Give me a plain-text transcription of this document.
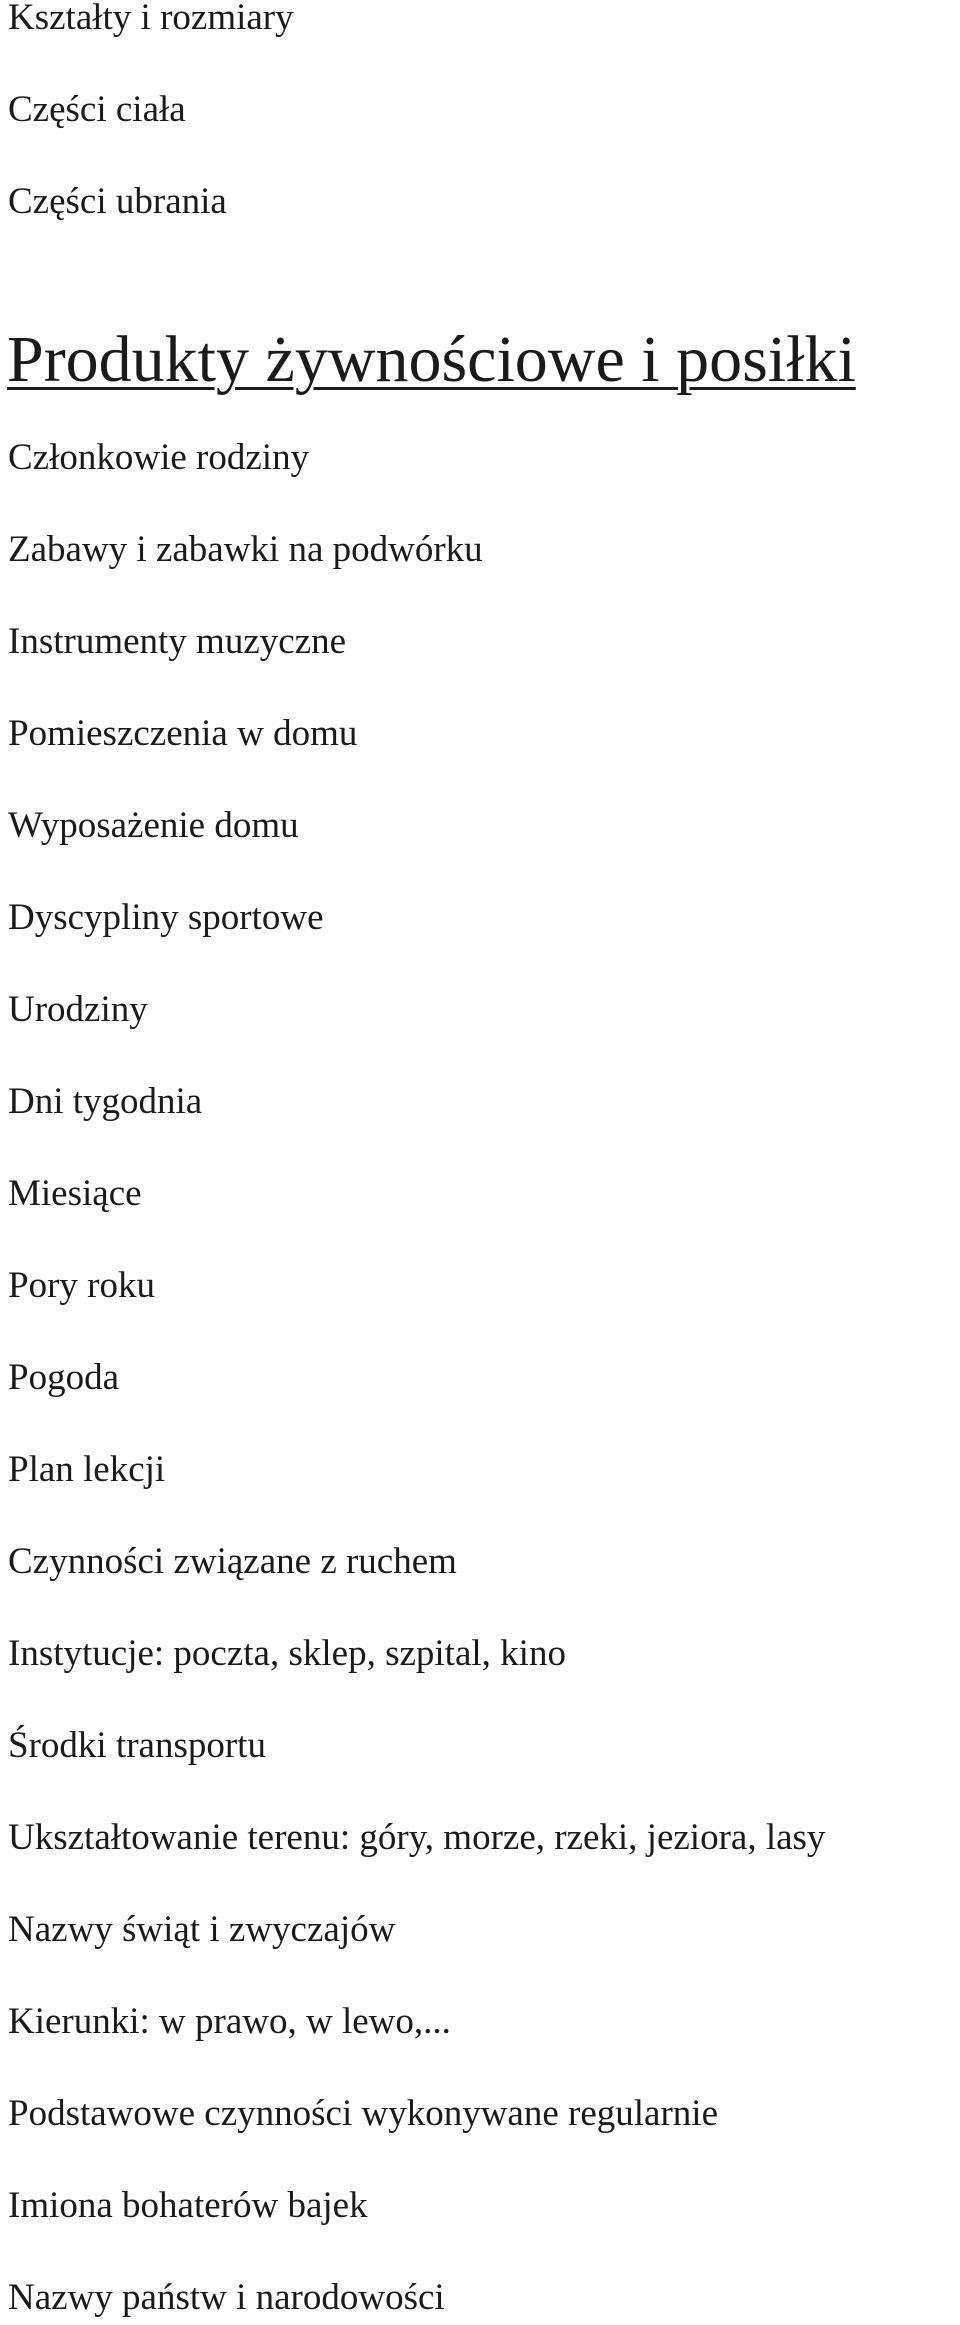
Kształty i rozmiary

Części ciała

Części ubrania

Produkty żywnościowe i posiłki

Członkowie rodziny

Zabawy i zabawki na podwórku

Instrumenty muzyczne

Pomieszczenia w domu

Wyposażenie domu

Dyscypliny sportowe

Urodziny

Dni tygodnia

Miesiące

Pory roku

Pogoda

Plan lekcji

Czynności związane z ruchem

Instytucje: poczta, sklep, szpital, kino

Środki transportu

Ukształtowanie terenu: góry, morze, rzeki, jeziora, lasy

Nazwy świąt i zwyczajów

Kierunki: w prawo, w lewo,...

Podstawowe czynności wykonywane regularnie

Imiona bohaterów bajek

Nazwy państw i narodowości
